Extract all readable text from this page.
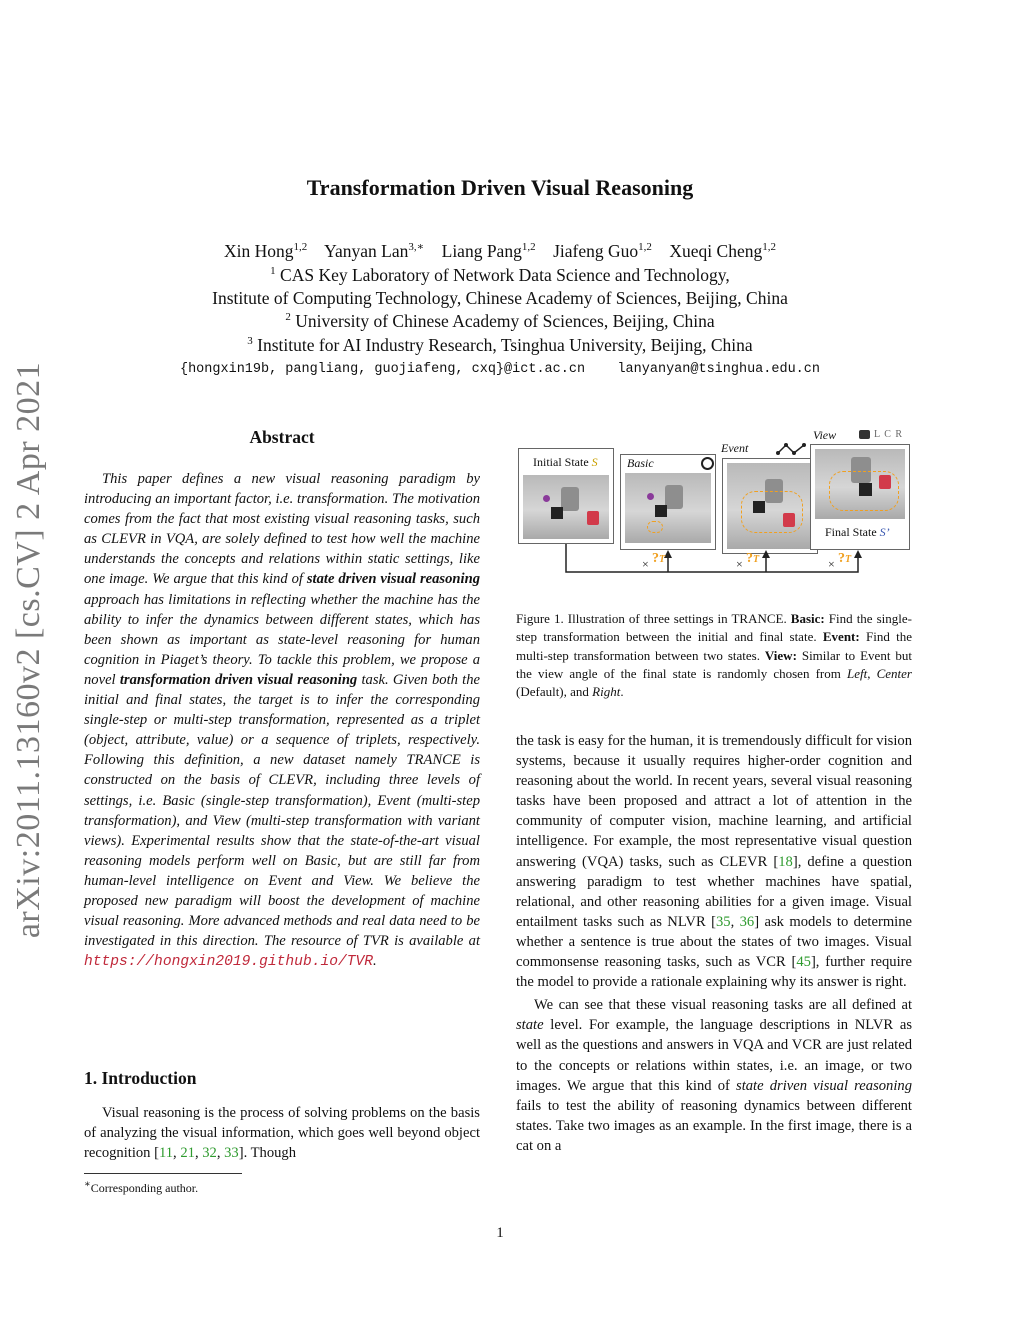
arXiv:2011.13160v2 [cs.CV] 2 Apr 2021
Transformation Driven Visual Reasoning
Xin Hong$^{1,2}$ Yanyan Lan$^{3,∗}$ Liang Pang$^{1,2}$ Jiafeng Guo$^{1,2}$ Xueqi Cheng$^{1,2}$
$^1$ CAS Key Laboratory of Network Data Science and Technology,
Institute of Computing Technology, Chinese Academy of Sciences, Beijing, China
$^2$ University of Chinese Academy of Sciences, Beijing, China
$^3$ Institute for AI Industry Research, Tsinghua University, Beijing, China
{hongxin19b, pangliang, guojiafeng, cxq}@ict.ac.cn    lanyanyan@tsinghua.edu.cn
Abstract

This paper defines a new visual reasoning paradigm by introducing an important factor, i.e. transformation. The motivation comes from the fact that most existing visual reasoning tasks, such as CLEVR in VQA, are solely defined to test how well the machine understands the concepts and relations within static settings, like one image. We argue that this kind of state driven visual reasoning approach has limitations in reflecting whether the machine has the ability to infer the dynamics between different states, which has been shown as important as state-level reasoning for human cognition in Piaget’s theory. To tackle this problem, we propose a novel transformation driven visual reasoning task. Given both the initial and final states, the target is to infer the corresponding single-step or multi-step transformation, represented as a triplet (object, attribute, value) or a sequence of triplets, respectively. Following this definition, a new dataset namely TRANCE is constructed on the basis of CLEVR, including three levels of settings, i.e. Basic (single-step transformation), Event (multi-step transformation), and View (multi-step transformation with variant views). Experimental results show that the state-of-the-art visual reasoning models perform well on Basic, but are still far from human-level intelligence on Event and View. We believe the proposed new paradigm will boost the development of machine visual reasoning. More advanced methods and real data need to be investigated in this direction. The resource of TVR is available at https://hongxin2019.github.io/TVR.

1. Introduction

Visual reasoning is the process of solving problems on the basis of analyzing the visual information, which goes well beyond object recognition [11, 21, 32, 33]. Though

∗Corresponding author.
View	L C R
Event
Initial State S Basic
Final State S’
× ?T	× ?T	× ?T

Figure 1. Illustration of three settings in TRANCE. Basic: Find the single-step transformation between the initial and final state. Event: Find the multi-step transformation between two states. View: Similar to Event but the view angle of the final state is randomly chosen from Left, Center (Default), and Right.

the task is easy for the human, it is tremendously difficult for vision systems, because it usually requires higher-order cognition and reasoning about the world. In recent years, several visual reasoning tasks have been proposed and attract a lot of attention in the community of computer vision, machine learning, and artificial intelligence. For example, the most representative visual question answering (VQA) tasks, such as CLEVR [18], define a question answering paradigm to test whether machines have spatial, relational, and other reasoning abilities for a given image. Visual entailment tasks such as NLVR [35, 36] ask models to determine whether a sentence is true about the states of two images. Visual commonsense reasoning tasks, such as VCR [45], further require the model to provide a rationale explaining why its answer is right.

We can see that these visual reasoning tasks are all defined at state level. For example, the language descriptions in NLVR as well as the questions and answers in VQA and VCR are just related to the concepts or relations within states, i.e. an image, or two images. We argue that this kind of state driven visual reasoning fails to test the ability of reasoning dynamics between different states. Take two images as an example. In the first image, there is a cat on a

1
